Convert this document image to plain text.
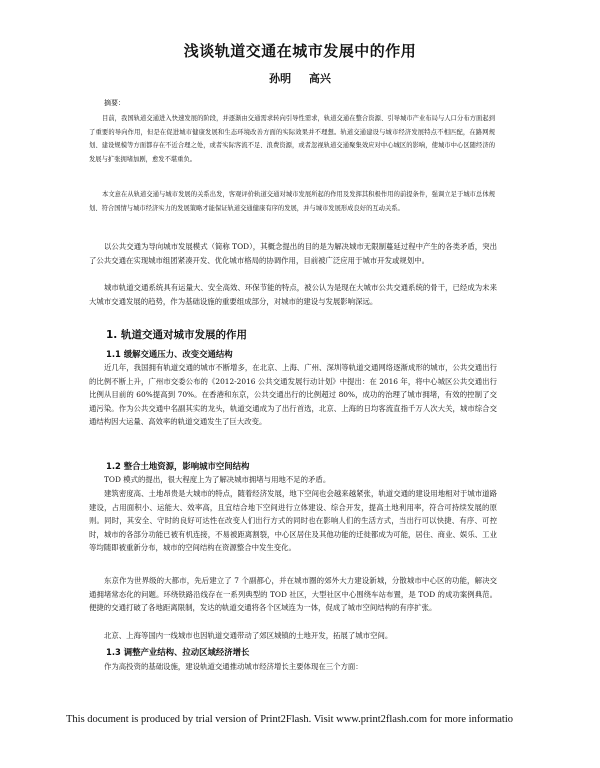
浅谈轨道交通在城市发展中的作用
孙明 高兴
摘要：

目前，我国轨道交通进入快速发展的阶段，并逐渐由交通需求转向引导性需求，轨道交通在整合资源、引导城市产业布局与人口分布方面起到了重要的导向作用，但是在促进城市健康发展和生态环境改善方面的实际效果并不理想。轨道交通建设与城市经济发展特点不相匹配，在路网规划、建设规模等方面都存在不近合理之处，或者实际客流不足、浪费资源，或者忽视轨道交通聚集效应对中心城区的影响，使城市中心区随经济的发展与扩张拥堵加剧，愈发不堪重负。

本文意在从轨道交通与城市发展的关系出发，客观评价轨道交通对城市发展所起的作用及发挥其积极作用的前提条件，强调立足于城市总体规划、符合国情与城市经济实力的发展策略才能保证轨道交通健康有序的发展，并与城市发展形成良好的互动关系。

以公共交通为导向城市发展模式（简称 TOD），其概念提出的目的是为解决城市无限制蔓延过程中产生的各类矛盾，突出了公共交通在实现城市组团紧凑开发、优化城市格局的协调作用，目前被广泛应用于城市开发或规划中。

城市轨道交通系统具有运量大、安全高效、环保节能的特点，被公认为是现在大城市公共交通系统的骨干，已经成为未来大城市交通发展的趋势，作为基础设施的重要组成部分，对城市的建设与发展影响深远。

1. 轨道交通对城市发展的作用
1.1 缓解交通压力、改变交通结构

近几年，我国拥有轨道交通的城市不断增多，在北京、上海、广州、深圳等轨道交通网络逐渐成形的城市，公共交通出行的比例不断上升，广州市交委公布的《2012-2016 公共交通发展行动计划》中提出：在 2016 年，将中心城区公共交通出行比例从目前的 60%提高到 70%。在香港和东京，公共交通出行的比例超过 80%，成功的治理了城市拥堵，有效的控制了交通污染。作为公共交通中名副其实的龙头，轨道交通成为了出行首选，北京、上海的日均客流直指千万人次大关，城市综合交通结构因大运量、高效率的轨道交通发生了巨大改变。

1.2 整合土地资源，影响城市空间结构

TOD 模式的提出，很大程度上为了解决城市拥堵与用地不足的矛盾。

建筑密度高、土地昂贵是大城市的特点，随着经济发展，地下空间也会越来越紧张，轨道交通的建设用地相对于城市道路建设，占用面积小、运能大、效率高，且宜结合地下空间进行立体建设、综合开发，提高土地利用率，符合可持续发展的原则。同时，其安全、守时的良好可达性在改变人们出行方式的同时也在影响人们的生活方式，当出行可以快捷、有序、可控时，城市的各部分功能已被有机连接，不易被距离割裂，中心区居住及其他功能的迁徙都成为可能，居住、商业、娱乐、工业等均随即被重新分布，城市的空间结构在资源整合中发生变化。

东京作为世界级的大都市，先后建立了 7 个副都心，并在城市圈的郊外大力建设新城，分散城市中心区的功能，解决交通拥堵常态化的问题。环绕铁路沿线存在一系列典型的 TOD 社区，大型社区中心围绕车站布置，是 TOD 的成功案例典范。便捷的交通打破了各地距离限制，发达的轨道交通将各个区域连为一体，促成了城市空间结构的有序扩张。

北京、上海等国内一线城市也因轨道交通带动了郊区城镇的土地开发，拓展了城市空间。

1.3 调整产业结构、拉动区域经济增长

作为高投资的基础设施，建设轨道交通推动城市经济增长主要体现在三个方面：

This document is produced by trial version of Print2Flash. Visit www.print2flash.com for more informatio
